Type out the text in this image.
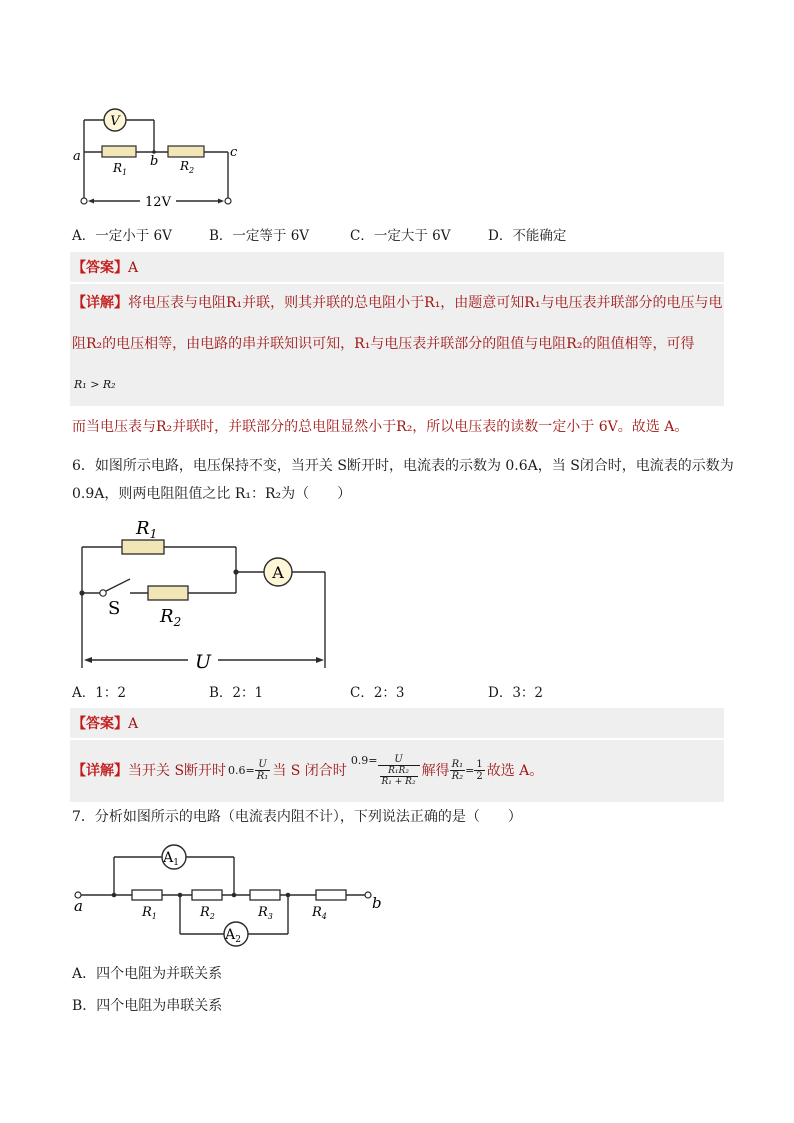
V
a	b
c
$R_1$	$R_2$
12V
A．一定小于 6V	B．一定等于 6V	C．一定大于 6V	D．不能确定
【答案】A
【详解】将电压表与电阻R₁并联，则其并联的总电阻小于R₁，由题意可知R₁与电压表并联部分的电压与电
阻R₂的电压相等，由电路的串并联知识可知，R₁与电压表并联部分的阻值与电阻R₂的阻值相等，可得
R₁ > R₂
而当电压表与R₂并联时，并联部分的总电阻显然小于R₂，所以电压表的读数一定小于 6V。故选 A。
6．如图所示电路，电压保持不变，当开关 S断开时，电流表的示数为 0.6A，当 S闭合时，电流表的示数为
0.9A，则两电阻阻值之比 R₁：R₂为（　　）
A
$R_1$
$R_2$
S
U
A．1：2	B．2：1	C．2：3	D．3：2
【答案】A
【详解】 当开关 S断开时 $0.6= \frac{U}{\text{R₁}}$ 当 S 闭合时
$0.9= \frac{U}{\frac{\text{R₁R₂}}{\text{R₁ + R₂}}}$ 解得 $\frac{\text{R₁}}{\text{R₂}} = \frac{1}{2}$ 故选 A。
7．分析如图所示的电路（电流表内阻不计），下列说法正确的是（　　）
$A_1$
$A_2$
a	b
$R_1$	$R_2$	$R_3$	$R_4$
A．四个电阻为并联关系
B．四个电阻为串联关系
